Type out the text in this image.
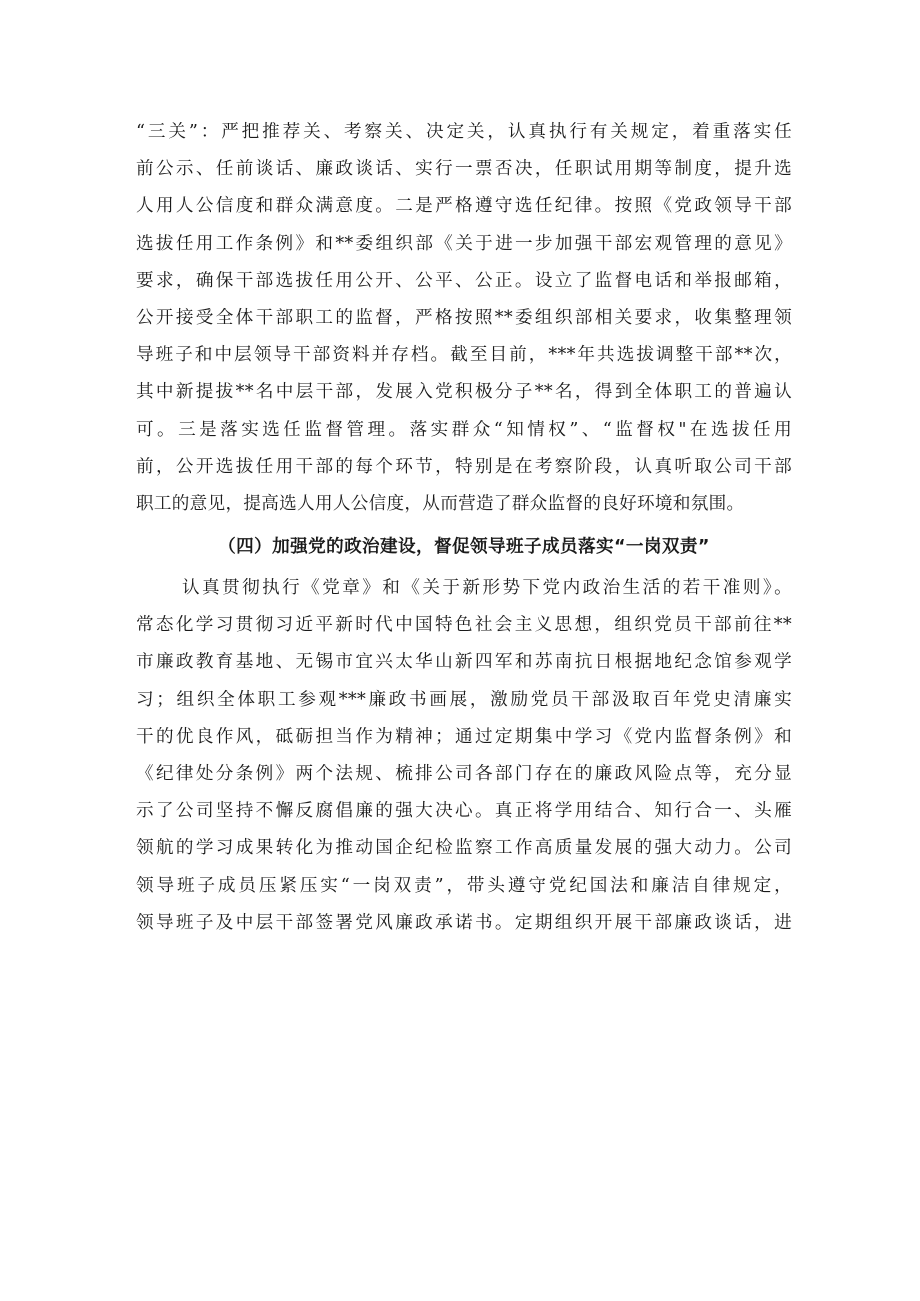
“三关”：严把推荐关、考察关、决定关，认真执行有关规定，着重落实任
前公示、任前谈话、廉政谈话、实行一票否决，任职试用期等制度，提升选
人用人公信度和群众满意度。二是严格遵守选任纪律。按照《党政领导干部
选拔任用工作条例》和**委组织部《关于进一步加强干部宏观管理的意见》
要求，确保干部选拔任用公开、公平、公正。设立了监督电话和举报邮箱，
公开接受全体干部职工的监督，严格按照**委组织部相关要求，收集整理领
导班子和中层领导干部资料并存档。截至目前，***年共选拔调整干部**次，
其中新提拔**名中层干部，发展入党积极分子**名，得到全体职工的普遍认
可。三是落实选任监督管理。落实群众“知情权”、“监督权"在选拔任用
前，公开选拔任用干部的每个环节，特别是在考察阶段，认真听取公司干部
职工的意见，提高选人用人公信度，从而营造了群众监督的良好环境和氛围。
（四）加强党的政治建设，督促领导班子成员落实“一岗双责”
认真贯彻执行《党章》和《关于新形势下党内政治生活的若干准则》。
常态化学习贯彻习近平新时代中国特色社会主义思想，组织党员干部前往**
市廉政教育基地、无锡市宜兴太华山新四军和苏南抗日根据地纪念馆参观学
习；组织全体职工参观***廉政书画展，激励党员干部汲取百年党史清廉实
干的优良作风，砥砺担当作为精神；通过定期集中学习《党内监督条例》和
《纪律处分条例》两个法规、梳排公司各部门存在的廉政风险点等，充分显
示了公司坚持不懈反腐倡廉的强大决心。真正将学用结合、知行合一、头雁
领航的学习成果转化为推动国企纪检监察工作高质量发展的强大动力。公司
领导班子成员压紧压实“一岗双责”，带头遵守党纪国法和廉洁自律规定，
领导班子及中层干部签署党风廉政承诺书。定期组织开展干部廉政谈话，进
